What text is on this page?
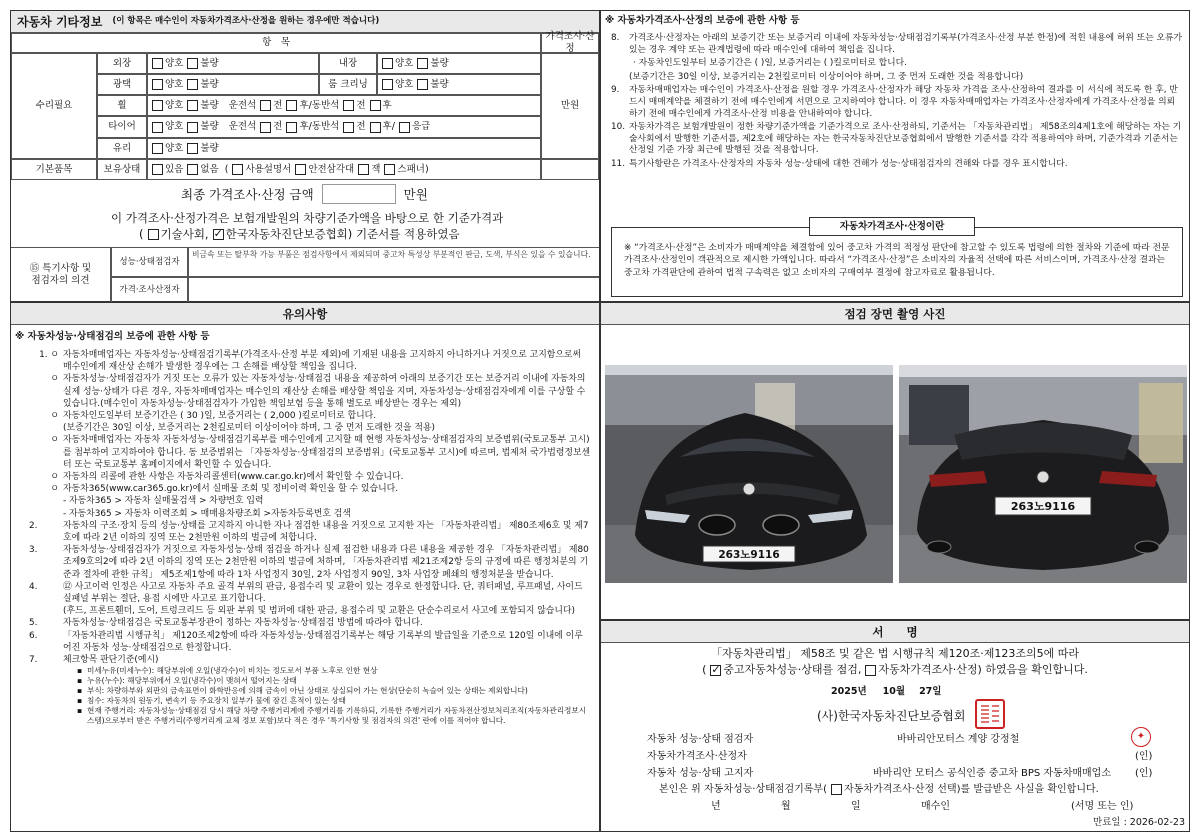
자동차 기타정보 (이 항목은 매수인이 자동차가격조사·산정을 원하는 경우에만 적습니다)
항　목
가격조사·산정
수리필요	만원
외장	양호 불량	내장	양호 불량
광택	양호 불량	룸 크리닝	양호 불량
휠	양호 불량 운전석 전 후 / 동반석 전 후
타이어	양호 불량 운전석 전 후 / 동반석 전 후 / 응급
유리	양호 불량
기본품목	보유상태	있음 없음 ( 사용설명서 안전삼각대 잭 스패너 )
최종 가격조사·산정 금액	만원
이 가격조사·산정가격은 보험개발원의 차량기준가액을 바탕으로 한 기준가격과
( 기술사회, ✓ 한국자동차진단보증협회 ) 기준서를 적용하였음
⑮ 특기사항 및
점검자의 의견
성능·상태점검자
비금속 또는 탈부착 가능 부품은 점검사항에서 제외되며 중고차 특성상 부분적인 판금, 도색, 부식은 있을 수 있습니다.
가격·조사산정자
※ 자동차가격조사·산정의 보증에 관한 사항 등
8.	가격조사·산정자는 아래의 보증기간 또는 보증거리 이내에 자동차성능·상태점검기록부(가격조사·산정 부분 한정)에 적힌 내용에 허위 또는 오류가 있는 경우 계약 또는 관계법령에 따라 매수인에 대하여 책임을 집니다.
· 자동차인도일부터 보증기간은 ( )일, 보증거리는 ( )킬로미터로 합니다.
(보증기간은 30일 이상, 보증거리는 2천킬로미터 이상이어야 하며, 그 중 먼저 도래한 것을 적용합니다)
9.	자동차매매업자는 매수인이 가격조사·산정을 원할 경우 가격조사·산정자가 해당 자동차 가격을 조사·산정하여 결과를 이 서식에 적도록 한 후, 반드시 매매계약을 체결하기 전에 매수인에게 서면으로 고지하여야 합니다. 이 경우 자동차매매업자는 가격조사·산정자에게 가격조사·산정을 의뢰하기 전에 매수인에게 가격조사·산정 비용을 안내하여야 합니다.
10. 자동차가격은 보험개발원이 정한 차량기준가액을 기준가격으로 조사·산정하되, 기준서는 「자동차관리법」 제58조의4제1호에 해당하는 자는 기술사회에서 발행한 기준서를, 제2호에 해당하는 자는 한국자동차진단보증협회에서 발행한 기준서를 각각 적용하여야 하며, 기준가격과 기준서는 산정일 기준 가장 최근에 발행된 것을 적용합니다.
11. 특기사항란은 가격조사·산정자의 자동차 성능·상태에 대한 견해가 성능·상태점검자의 견해와 다를 경우 표시합니다.
자동차가격조사·산정이란
※ “가격조사·산정”은 소비자가 매매계약을 체결함에 있어 중고차 가격의 적정성 판단에 참고할 수 있도록 법령에 의한 절차와 기준에 따라 전문 가격조사·산정인이 객관적으로 제시한 가액입니다. 따라서 “가격조사·산정”은 소비자의 자율적 선택에 따른 서비스이며, 가격조사·산정 결과는 중고차 가격판단에 관하여 법적 구속력은 없고 소비자의 구매여부 결정에 참고자료로 활용됩니다.
유의사항
※ 자동차성능·상태점검의 보증에 관한 사항 등
1. ㅇ 자동차매매업자는 자동차성능·상태점검기록부(가격조사·산정 부분 제외)에 기재된 내용을 고지하지 아니하거나 거짓으로 고지함으로써 매수인에게 재산상 손해가 발생한 경우에는 그 손해를 배상할 책임을 집니다.
ㅇ 자동차성능·상태점검자가 거짓 또는 오류가 있는 자동차성능·상태점검 내용을 제공하여 아래의 보증기간 또는 보증거리 이내에 자동차의 실제 성능·상태가 다른 경우, 자동차매매업자는 매수인의 재산상 손해를 배상할 책임을 지며, 자동차성능·상태점검자에게 이를 구상할 수 있습니다.(매수인이 자동차성능·상태점검자가 가입한 책임보험 등을 통해 별도로 배상받는 경우는 제외)
ㅇ 자동차인도일부터 보증기간은 ( 30 )일, 보증거리는 ( 2,000 )킬로미터로 합니다.
(보증기간은 30일 이상, 보증거리는 2천킬로미터 이상이어야 하며, 그 중 먼저 도래한 것을 적용)
ㅇ 자동차매매업자는 자동차 자동차성능·상태점검기록부를 매수인에게 고지할 때 현행 자동차성능·상태점검자의 보증범위(국토교통부 고시)를 첨부하여 고지하여야 합니다. 동 보증범위는 「자동차성능·상태점검의 보증범위」(국토교통부 고시)에 따르며, 법제처 국가법령정보센터 또는 국토교통부 홈페이지에서 확인할 수 있습니다.
ㅇ 자동차의 리콜에 관한 사항은 자동차리콜센터(www.car.go.kr)에서 확인할 수 있습니다.
ㅇ 자동차365(www.car365.go.kr)에서 실매물 조회 및 정비이력 확인을 할 수 있습니다.
- 자동차365 > 자동차 실매물검색 > 차량번호 입력
- 자동차365 > 자동차 이력조회 > 매매용차량조회 >자동차등록번호 검색
2.	자동차의 구조·장치 등의 성능·상태를 고지하지 아니한 자나 점검한 내용을 거짓으로 고지한 자는 「자동차관리법」 제80조제6호 및 제7호에 따라 2년 이하의 징역 또는 2천만원 이하의 벌금에 처합니다.
3.	자동차성능·상태점검자가 거짓으로 자동차성능·상태 점검을 하거나 실제 점검한 내용과 다른 내용을 제공한 경우 「자동차관리법」 제80조제9호의2에 따라 2년 이하의 징역 또는 2천만원 이하의 벌금에 처하며, 「자동차관리법 제21조제2항 등의 규정에 따른 행정처분의 기준과 절차에 관한 규칙」 제5조제1항에 따라 1차 사업정지 30일, 2차 사업정지 90일, 3차 사업장 폐쇄의 행정처분을 받습니다.
4.	⑫ 사고이력 인정은 사고로 자동차 주요 골격 부위의 판금, 용접수리 및 교환이 있는 경우로 한정합니다. 단, 쿼터패널, 루프패널, 사이드실패널 부위는 절단, 용접 시에만 사고로 표기합니다.
(후드, 프론트휀더, 도어, 트렁크리드 등 외판 부위 및 범퍼에 대한 판금, 용접수리 및 교환은 단순수리로서 사고에 포함되지 않습니다)
5.	자동차성능·상태점검은 국토교통부장관이 정하는 자동차성능·상태점검 방법에 따라야 합니다.
6.	「자동차관리법 시행규칙」 제120조제2항에 따라 자동차성능·상태점검기록부는 해당 기록부의 발급일을 기준으로 120일 이내에 이루어진 자동차 성능·상태점검으로 한정합니다.
7.	체크항목 판단기준(예시)
▪ 미세누유(미세누수): 해당부위에 오일(냉각수)이 비치는 정도로서 부품 노후로 인한 현상
▪ 누유(누수): 해당부위에서 오일(냉각수)이 맺혀서 떨어지는 상태
▪ 부식: 차량하부와 외판의 금속표면이 화학반응에 의해 금속이 아닌 상태로 상실되어 가는 현상(단순히 녹슬어 있는 상태는 제외합니다)
▪ 침수: 자동차의 원동기, 변속기 등 주요장치 일부가 물에 잠긴 흔적이 있는 상태
▪ 현재 주행거리: 자동차성능·상태점검 당시 해당 차량 주행거리계에 주행거리를 기록하되, 기록한 주행거리가 자동차전산정보처리조직(자동차관리정보시스템)으로부터 받은 주행거리(주행거리계 교체 정보 포함)보다 적은 경우 '특기사항 및 점검자의 의견' 란에 이를 적어야 합니다.
점검 장면 촬영 사진
263노9116
263노9116
서　　명
「자동차관리법」 제58조 및 같은 법 시행규칙 제120조·제123조의5에 따라
( ✓ 중고자동차성능·상태를 점검, 자동차가격조사·산정 ) 하였음을 확인합니다.
2025 년 10 월 27 일
(사)한국자동차진단보증협회
자동차 성능·상태 점검자	바바리안모터스 계양 강정철
자동차가격조사·산정자	(인)
자동차 성능·상태 고지자	바바리안 모터스 공식인증 중고차 BPS 자동차매매업소 (인)
✦
본인은 위 자동차성능·상태점검기록부( 자동차가격조사·산정 선택)를 발급받은 사실을 확인합니다.
년	월	일	매수인	(서명 또는 인)
만료일 : 2026-02-23
